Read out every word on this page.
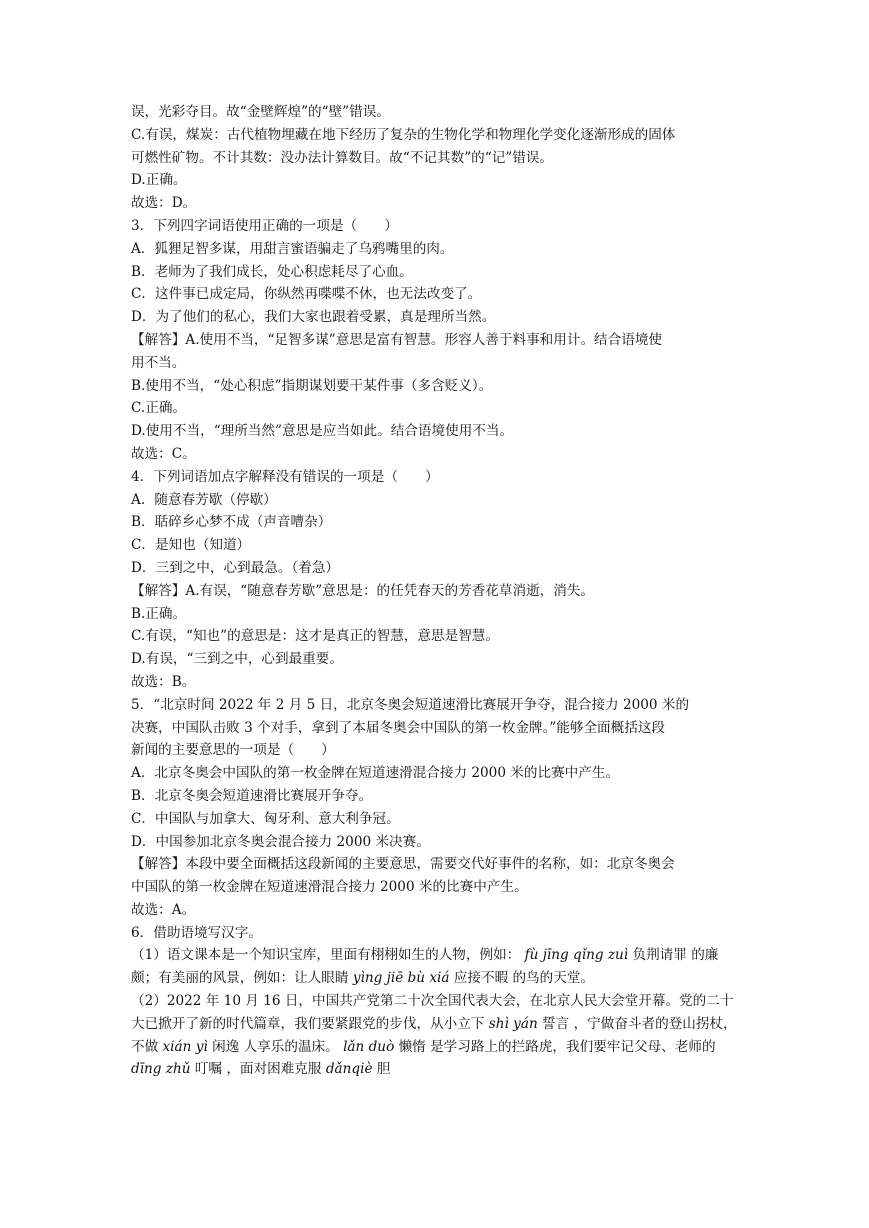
误，光彩夺目。故“金壁辉煌”的“壁”错误。
C.有误，煤炭：古代植物埋藏在地下经历了复杂的生物化学和物理化学变化逐渐形成的固体
可燃性矿物。不计其数：没办法计算数目。故“不记其数”的“记”错误。
D.正确。
故选：D。
3．下列四字词语使用正确的一项是（　　）
A．狐狸足智多谋，用甜言蜜语骗走了乌鸦嘴里的肉。
B．老师为了我们成长，处心积虑耗尽了心血。
C．这件事已成定局，你纵然再喋喋不休，也无法改变了。
D．为了他们的私心，我们大家也跟着受累，真是理所当然。
【解答】A.使用不当，“足智多谋”意思是富有智慧。形容人善于料事和用计。结合语境使
用不当。
B.使用不当，“处心积虑”指期谋划要干某件事（多含贬义）。
C.正确。
D.使用不当，“理所当然”意思是应当如此。结合语境使用不当。
故选：C。
4．下列词语加点字解释没有错误的一项是（　　）
A．随意春芳歇（停歇）
B．聒碎乡心梦不成（声音嘈杂）
C．是知也（知道）
D．三到之中，心到最急。（着急）
【解答】A.有误，“随意春芳歇”意思是：的任凭春天的芳香花草消逝，消失。
B.正确。
C.有误，“知也”的意思是：这才是真正的智慧，意思是智慧。
D.有误，“三到之中，心到最重要。
故选：B。
5．“北京时间 2022 年 2 月 5 日，北京冬奥会短道速滑比赛展开争夺，混合接力 2000 米的
决赛，中国队击败 3 个对手，拿到了本届冬奥会中国队的第一枚金牌。”能够全面概括这段
新闻的主要意思的一项是（　　）
A．北京冬奥会中国队的第一枚金牌在短道速滑混合接力 2000 米的比赛中产生。
B．北京冬奥会短道速滑比赛展开争夺。
C．中国队与加拿大、匈牙利、意大利争冠。
D．中国参加北京冬奥会混合接力 2000 米决赛。
【解答】本段中要全面概括这段新闻的主要意思，需要交代好事件的名称，如：北京冬奥会
中国队的第一枚金牌在短道速滑混合接力 2000 米的比赛中产生。
故选：A。
6．借助语境写汉字。
（1）语文课本是一个知识宝库，里面有栩栩如生的人物，例如： fù jīng qǐng zuì 负荆请罪 的廉颇；有美丽的风景，例如：让人眼睛 yìng jiē bù xiá 应接不暇 的鸟的天堂。
（2）2022 年 10 月 16 日，中国共产党第二十次全国代表大会，在北京人民大会堂开幕。党的二十大已掀开了新的时代篇章，我们要紧跟党的步伐，从小立下 shì yán 誓言 ，宁做奋斗者的登山拐杖，不做 xián yì 闲逸 人享乐的温床。 lǎn duò 懒惰 是学习路上的拦路虎，我们要牢记父母、老师的 dīng zhǔ 叮嘱 ，面对困难克服 dǎnqiè 胆
